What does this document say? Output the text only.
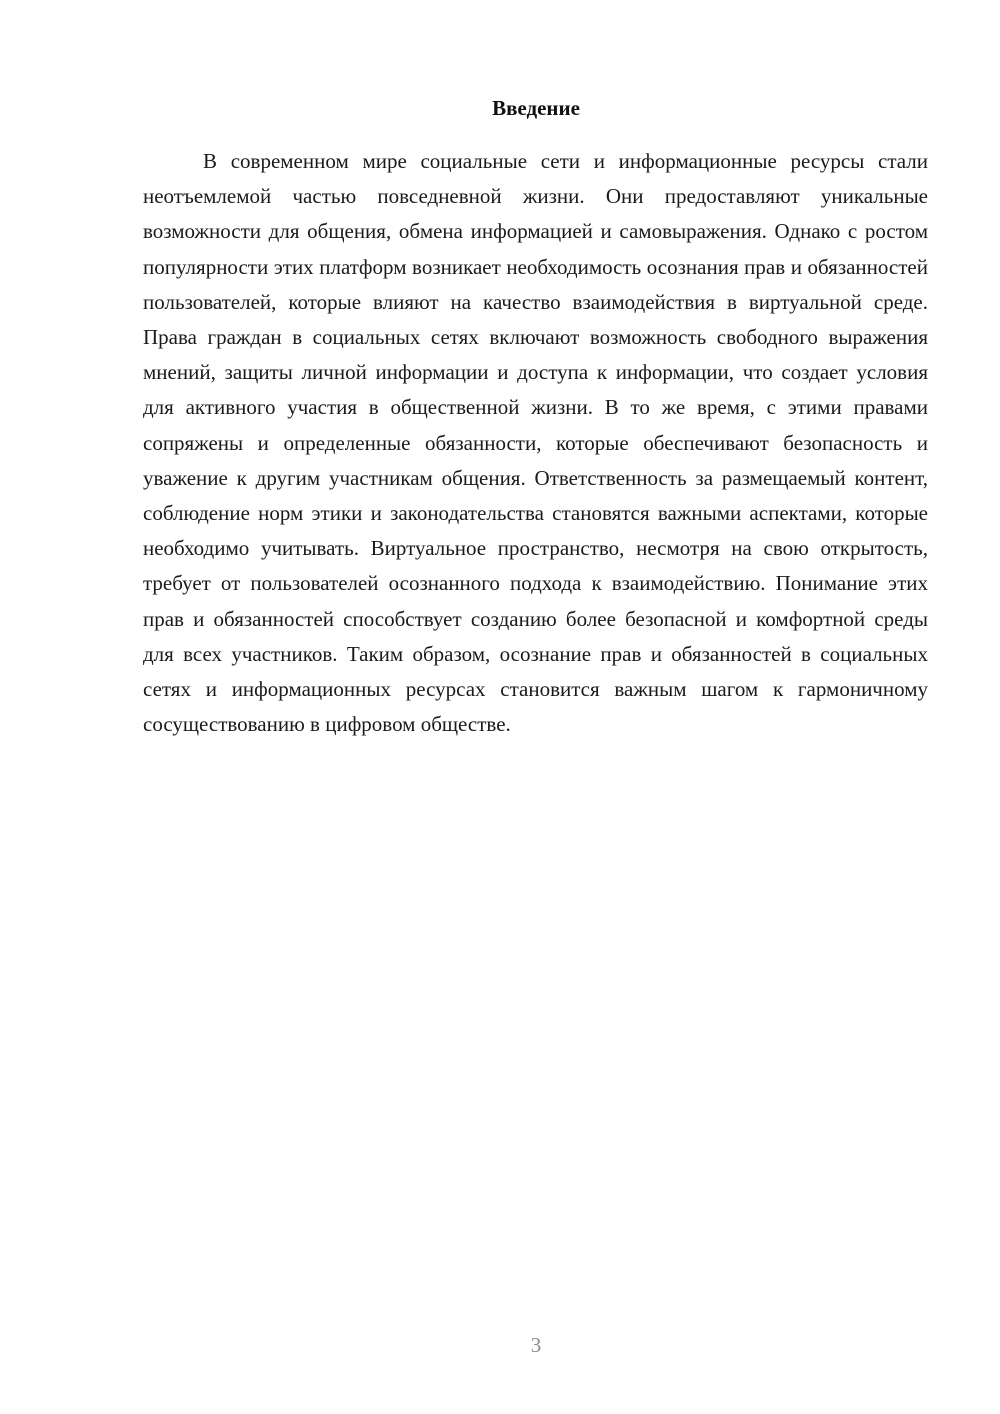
Введение

В современном мире социальные сети и информационные ресурсы стали неотъемлемой частью повседневной жизни. Они предоставляют уникальные возможности для общения, обмена информацией и самовыражения. Однако с ростом популярности этих платформ возникает необходимость осознания прав и обязанностей пользователей, которые влияют на качество взаимодействия в виртуальной среде. Права граждан в социальных сетях включают возможность свободного выражения мнений, защиты личной информации и доступа к информации, что создает условия для активного участия в общественной жизни. В то же время, с этими правами сопряжены и определенные обязанности, которые обеспечивают безопасность и уважение к другим участникам общения. Ответственность за размещаемый контент, соблюдение норм этики и законодательства становятся важными аспектами, которые необходимо учитывать. Виртуальное пространство, несмотря на свою открытость, требует от пользователей осознанного подхода к взаимодействию. Понимание этих прав и обязанностей способствует созданию более безопасной и комфортной среды для всех участников. Таким образом, осознание прав и обязанностей в социальных сетях и информационных ресурсах становится важным шагом к гармоничному сосуществованию в цифровом обществе.

3
